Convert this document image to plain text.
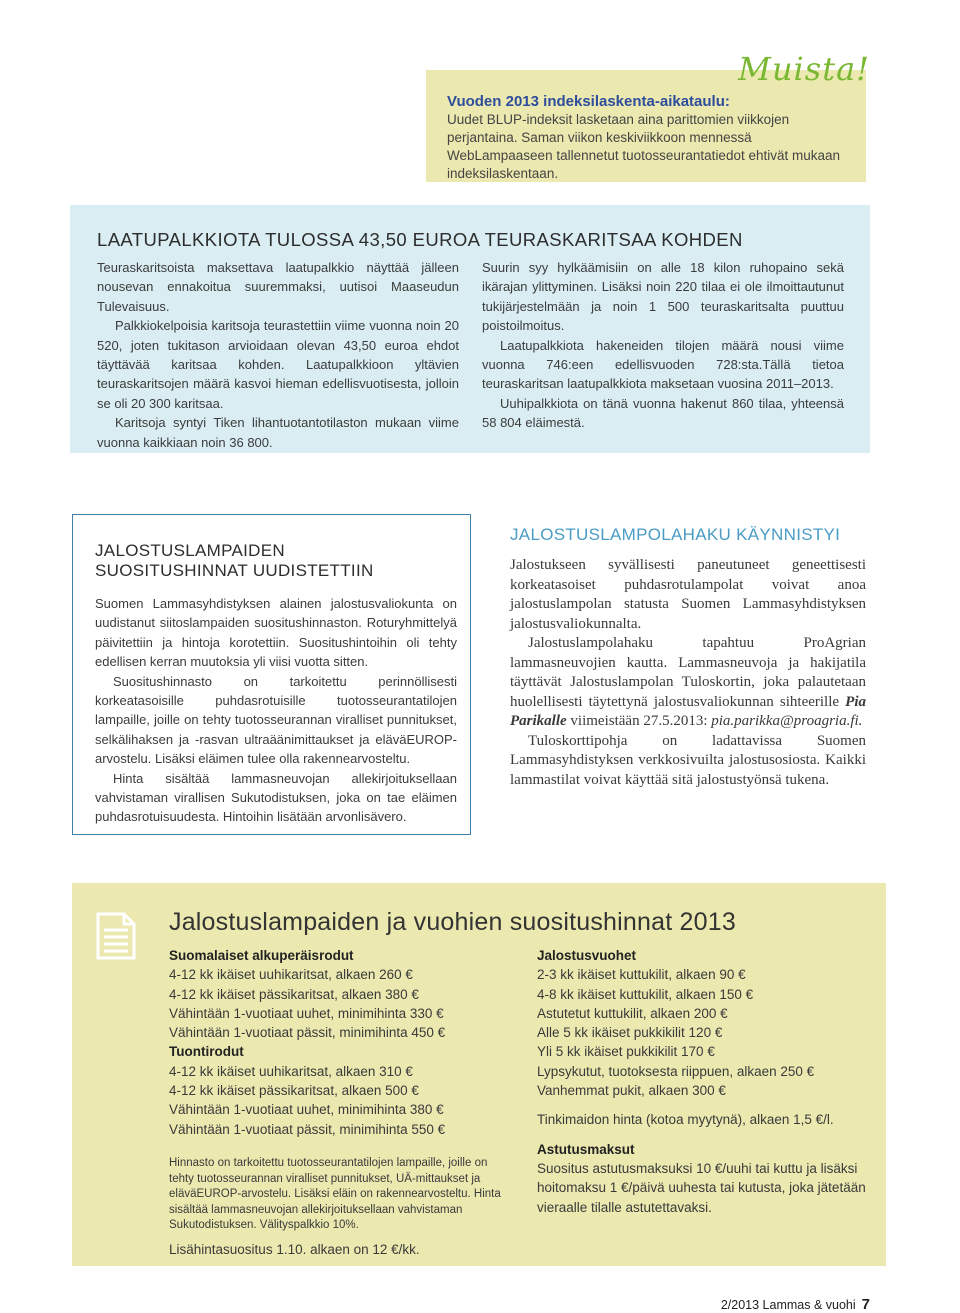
Muista!
Vuoden 2013 indeksilaskenta-aikataulu:
Uudet BLUP-indeksit lasketaan aina parittomien viikkojen perjantaina. Saman viikon keskiviikkoon mennessä WebLampaaseen tallennetut tuotosseurantatiedot ehtivät mukaan indeksilaskentaan.
LAATUPALKKIOTA TULOSSA 43,50 EUROA TEURASKARITSAA KOHDEN

Teuraskaritsoista maksettava laatupalkkio näyttää jälleen nousevan ennakoitua suuremmaksi, uutisoi Maaseudun Tulevaisuus.

Palkkiokelpoisia karitsoja teurastettiin viime vuonna noin 20 520, joten tukitason arvioidaan olevan 43,50 euroa ehdot täyttävää karitsaa kohden. Laatupalkkioon yltävien teuraskaritsojen määrä kasvoi hieman edellisvuotisesta, jolloin se oli 20 300 karitsaa.

Karitsoja syntyi Tiken lihantuotantotilaston mukaan viime vuonna kaikkiaan noin 36 800.

Suurin syy hylkäämisiin on alle 18 kilon ruhopaino sekä ikärajan ylittyminen. Lisäksi noin 220 tilaa ei ole ilmoittautunut tukijärjestelmään ja noin 1 500 teuraskaritsalta puuttuu poistoilmoitus.

Laatupalkkiota hakeneiden tilojen määrä nousi viime vuonna 746:een edellisvuoden 728:sta.Tällä tietoa teuraskaritsan laatupalkkiota maksetaan vuosina 2011–2013.

Uuhipalkkiota on tänä vuonna hakenut 860 tilaa, yhteensä 58 804 eläimestä.

JALOSTUSLAMPAIDEN
SUOSITUSHINNAT UUDISTETTIIN

Suomen Lammasyhdistyksen alainen jalostusvaliokunta on uudistanut siitoslampaiden suositushinnaston. Roturyhmittelyä päivitettiin ja hintoja korotettiin. Suositushintoihin oli tehty edellisen kerran muutoksia yli viisi vuotta sitten.

Suositushinnasto on tarkoitettu perinnöllisesti korkeatasoisille puhdasrotuisille tuotosseurantatilojen lampaille, joille on tehty tuotosseurannan viralliset punnitukset, selkälihaksen ja -rasvan ultraäänimittaukset ja eläväEUROP-arvostelu. Lisäksi eläimen tulee olla rakennearvosteltu.

Hinta sisältää lammasneuvojan allekirjoituksellaan vahvistaman virallisen Sukutodistuksen, joka on tae eläimen puhdasrotuisuudesta. Hintoihin lisätään arvonlisävero.

JALOSTUSLAMPOLAHAKU KÄYNNISTYI

Jalostukseen syvällisesti paneutuneet geneettisesti korkeatasoiset puhdasrotulampolat voivat anoa jalostuslampolan statusta Suomen Lammasyhdistyksen jalostusvaliokunnalta.

Jalostuslampolahaku tapahtuu ProAgrian lammasneuvojien kautta. Lammasneuvoja ja hakijatila täyttävät Jalostuslampolan Tuloskortin, joka palautetaan huolellisesti täytettynä jalostusvaliokunnan sihteerille Pia Parikalle viimeistään 27.5.2013: pia.parikka@proagria.fi.

Tuloskorttipohja on ladattavissa Suomen Lammasyhdistyksen verkkosivuilta jalostusosiosta. Kaikki lammastilat voivat käyttää sitä jalostustyönsä tukena.

Jalostuslampaiden ja vuohien suositushinnat 2013
Suomalaiset alkuperäisrodut
4-12 kk ikäiset uuhikaritsat, alkaen 260 €
4-12 kk ikäiset pässikaritsat, alkaen 380 €
Vähintään 1-vuotiaat uuhet, minimihinta 330 €
Vähintään 1-vuotiaat pässit, minimihinta 450 €
Tuontirodut
4-12 kk ikäiset uuhikaritsat, alkaen 310 €
4-12 kk ikäiset pässikaritsat, alkaen 500 €
Vähintään 1-vuotiaat uuhet, minimihinta 380 €
Vähintään 1-vuotiaat pässit, minimihinta 550 €
Hinnasto on tarkoitettu tuotosseurantatilojen lampaille, joille on tehty tuotosseurannan viralliset punnitukset, UÄ-mittaukset ja eläväEUROP-arvostelu. Lisäksi eläin on rakennearvosteltu. Hinta sisältää lammasneuvojan allekirjoituksellaan vahvistaman Sukutodistuksen. Välityspalkkio 10%.
Lisähintasuositus 1.10. alkaen on 12 €/kk.
Jalostusvuohet
2-3 kk ikäiset kuttukilit, alkaen 90 €
4-8 kk ikäiset kuttukilit, alkaen 150 €
Astutetut kuttukilit, alkaen 200 €
Alle 5 kk ikäiset pukkikilit 120 €
Yli 5 kk ikäiset pukkikilit 170 €
Lypsykutut, tuotoksesta riippuen, alkaen 250 €
Vanhemmat pukit, alkaen 300 €
Tinkimaidon hinta (kotoa myytynä), alkaen 1,5 €/l.
Astutusmaksut
Suositus astutusmaksuksi 10 €/uuhi tai kuttu ja lisäksi hoitomaksu 1 €/päivä uuhesta tai kutusta, joka jätetään vieraalle tilalle astutettavaksi.
2/2013 Lammas & vuohi 7
